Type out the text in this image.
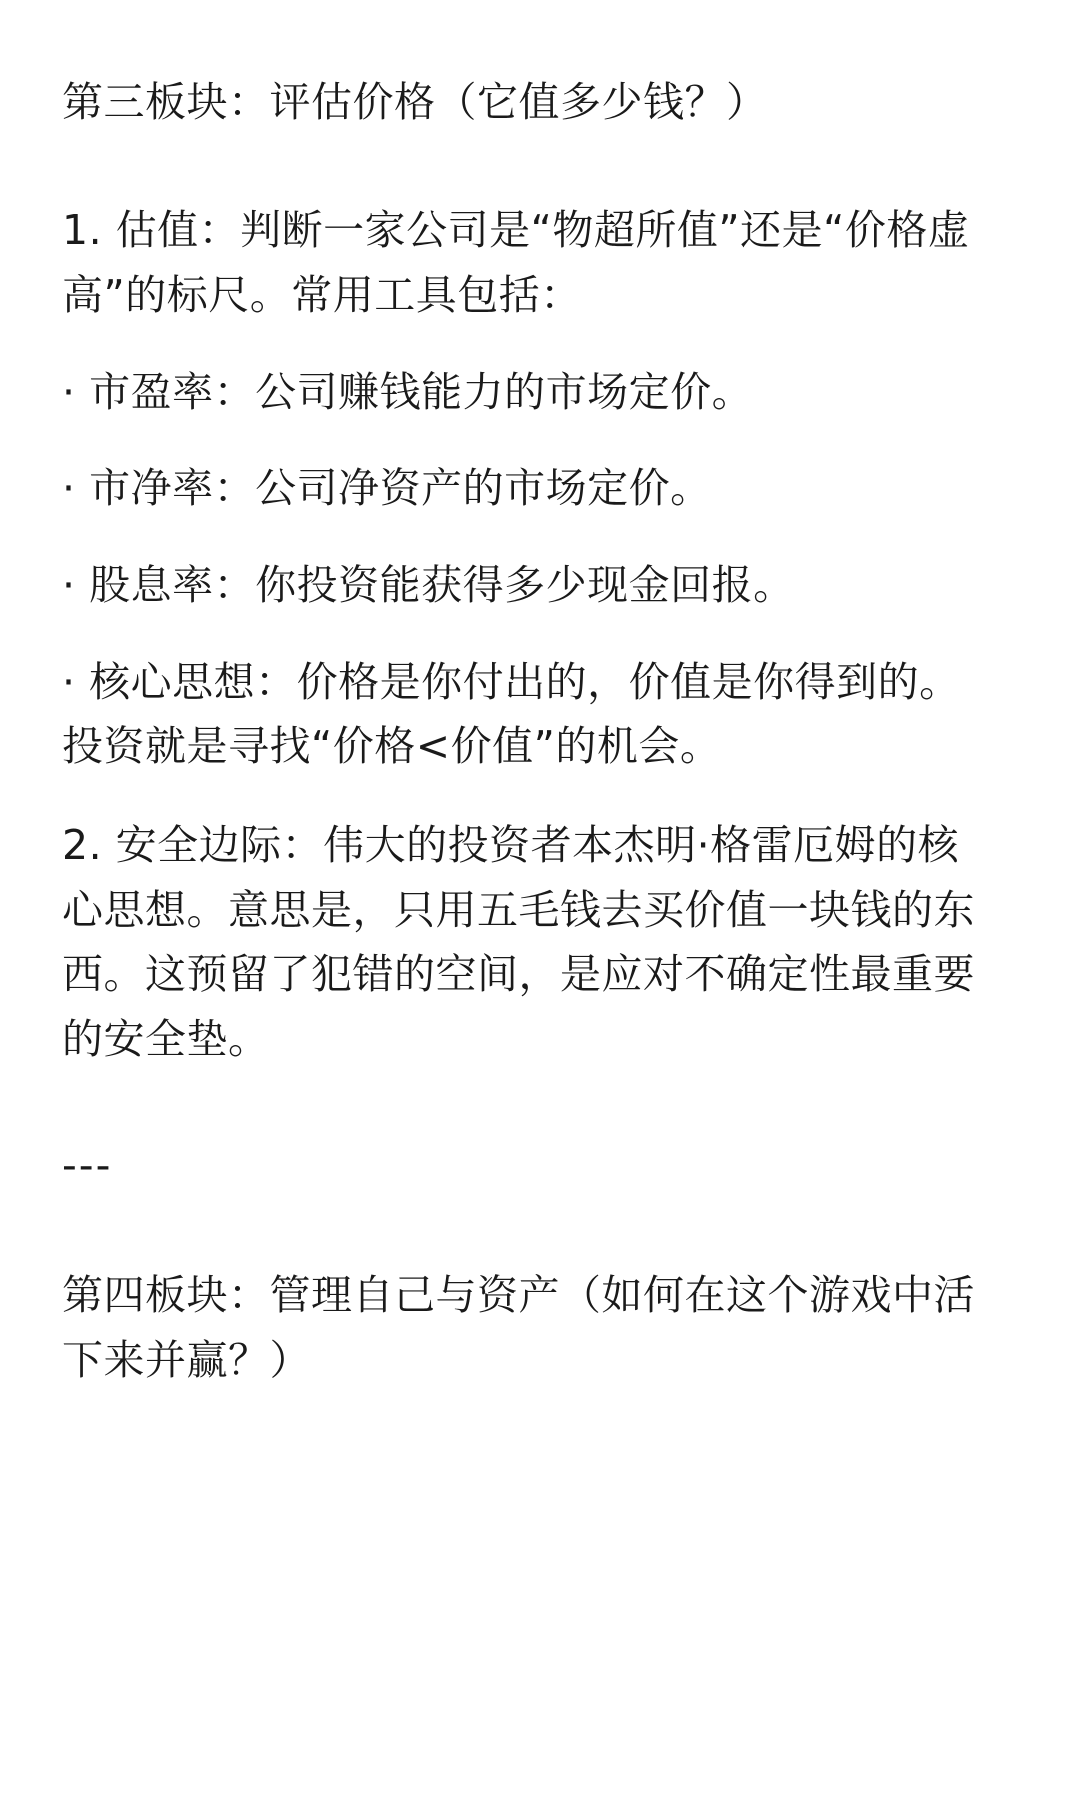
第三板块：评估价格（它值多少钱？）
1. 估值：判断一家公司是“物超所值”还是“价格虚
高”的标尺。常用工具包括：
· 市盈率：公司赚钱能力的市场定价。
· 市净率：公司净资产的市场定价。
· 股息率：你投资能获得多少现金回报。
· 核心思想：价格是你付出的，价值是你得到的。
投资就是寻找“价格<价值”的机会。
2. 安全边际：伟大的投资者本杰明·格雷厄姆的核
心思想。意思是，只用五毛钱去买价值一块钱的东
西。这预留了犯错的空间，是应对不确定性最重要
的安全垫。
---
第四板块：管理自己与资产（如何在这个游戏中活
下来并赢？）
